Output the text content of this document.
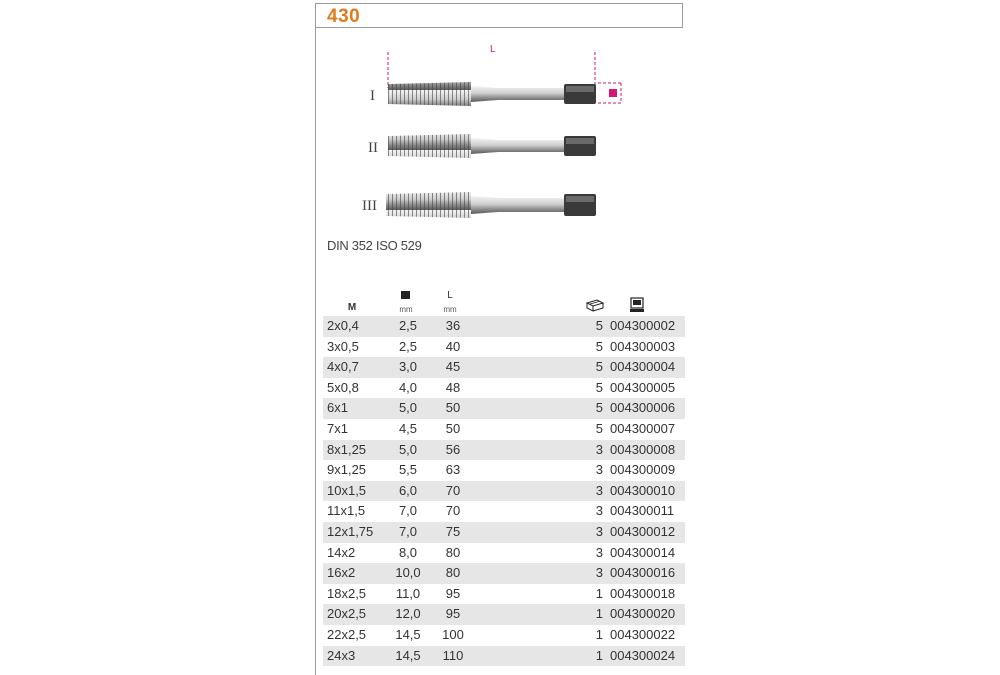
430
L
I
II
III
DIN 352 ISO 529
M	mm
L
mm
2x0,4	2,5	36	5 004300002
3x0,5	2,5	40	5 004300003
4x0,7	3,0	45	5 004300004
5x0,8	4,0	48	5 004300005
6x1	5,0	50	5 004300006
7x1	4,5	50	5 004300007
8x1,25	5,0	56	3 004300008
9x1,25	5,5	63	3 004300009
10x1,5	6,0	70	3 004300010
11x1,5	7,0	70	3 004300011
12x1,75	7,0	75	3 004300012
14x2	8,0	80	3 004300014
16x2	10,0	80	3 004300016
18x2,5	11,0	95	1 004300018
20x2,5	12,0	95	1 004300020
22x2,5	14,5	100	1 004300022
24x3	14,5	110	1 004300024
